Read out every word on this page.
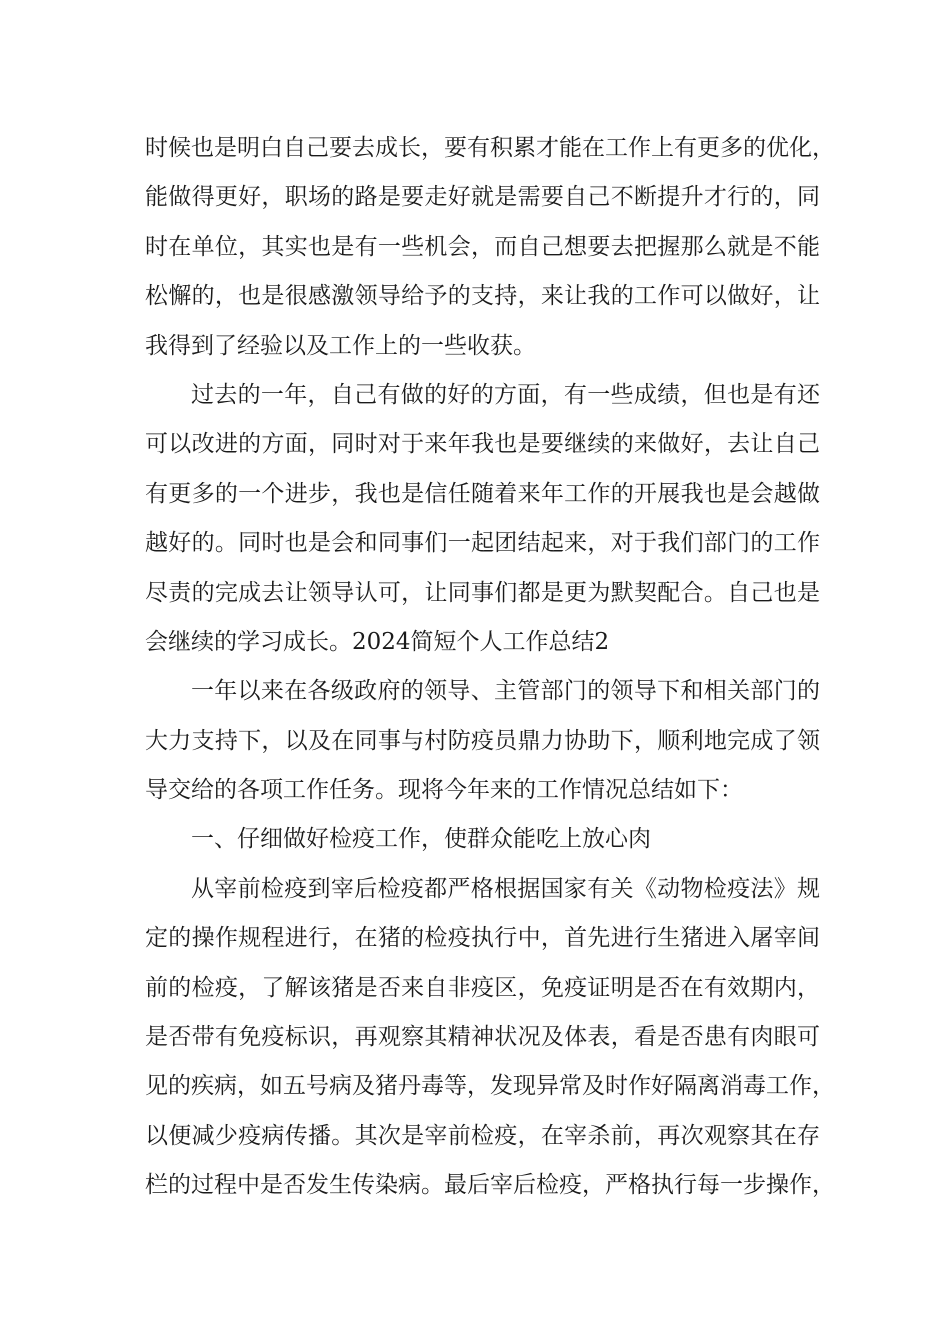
时候也是明白自己要去成长，要有积累才能在工作上有更多的优化，
能做得更好，职场的路是要走好就是需要自己不断提升才行的，同
时在单位，其实也是有一些机会，而自己想要去把握那么就是不能
松懈的，也是很感激领导给予的支持，来让我的工作可以做好，让
我得到了经验以及工作上的一些收获。
过去的一年，自己有做的好的方面，有一些成绩，但也是有还
可以改进的方面，同时对于来年我也是要继续的来做好，去让自己
有更多的一个进步，我也是信任随着来年工作的开展我也是会越做
越好的。同时也是会和同事们一起团结起来，对于我们部门的工作
尽责的完成去让领导认可，让同事们都是更为默契配合。自己也是
会继续的学习成长。2024简短个人工作总结2
一年以来在各级政府的领导、主管部门的领导下和相关部门的
大力支持下，以及在同事与村防疫员鼎力协助下，顺利地完成了领
导交给的各项工作任务。现将今年来的工作情况总结如下：
一、仔细做好检疫工作，使群众能吃上放心肉
从宰前检疫到宰后检疫都严格根据国家有关《动物检疫法》规
定的操作规程进行，在猪的检疫执行中，首先进行生猪进入屠宰间
前的检疫，了解该猪是否来自非疫区，免疫证明是否在有效期内，
是否带有免疫标识，再观察其精神状况及体表，看是否患有肉眼可
见的疾病，如五号病及猪丹毒等，发现异常及时作好隔离消毒工作，
以便减少疫病传播。其次是宰前检疫，在宰杀前，再次观察其在存
栏的过程中是否发生传染病。最后宰后检疫，严格执行每一步操作，
